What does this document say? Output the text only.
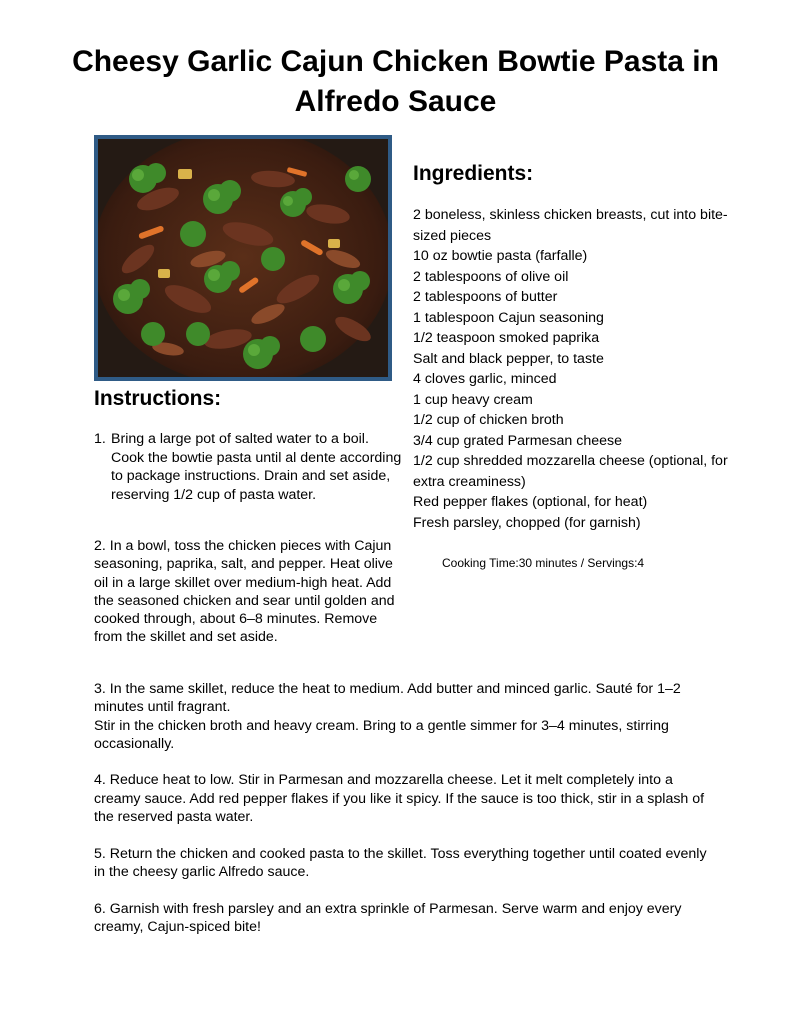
Cheesy Garlic Cajun Chicken Bowtie Pasta in Alfredo Sauce
Ingredients:
2 boneless, skinless chicken breasts, cut into bite-sized pieces
10 oz bowtie pasta (farfalle)
2 tablespoons of olive oil
2 tablespoons of butter
1 tablespoon Cajun seasoning
1/2 teaspoon smoked paprika
Salt and black pepper, to taste
4 cloves garlic, minced
1 cup heavy cream
1/2 cup of chicken broth
3/4 cup grated Parmesan cheese
1/2 cup shredded mozzarella cheese (optional, for extra creaminess)
Red pepper flakes (optional, for heat)
Fresh parsley, chopped (for garnish)
Cooking Time:30 minutes / Servings:4
Instructions:
1. Bring a large pot of salted water to a boil. Cook the bowtie pasta until al dente according to package instructions. Drain and set aside, reserving 1/2 cup of pasta water.

2. In a bowl, toss the chicken pieces with Cajun seasoning, paprika, salt, and pepper. Heat olive oil in a large skillet over medium-high heat. Add the seasoned chicken and sear until golden and cooked through, about 6–8 minutes. Remove from the skillet and set aside.

3. In the same skillet, reduce the heat to medium. Add butter and minced garlic. Sauté for 1–2 minutes until fragrant.
Stir in the chicken broth and heavy cream. Bring to a gentle simmer for 3–4 minutes, stirring occasionally.

4. Reduce heat to low. Stir in Parmesan and mozzarella cheese. Let it melt completely into a creamy sauce. Add red pepper flakes if you like it spicy. If the sauce is too thick, stir in a splash of the reserved pasta water.

5. Return the chicken and cooked pasta to the skillet. Toss everything together until coated evenly in the cheesy garlic Alfredo sauce.

6. Garnish with fresh parsley and an extra sprinkle of Parmesan. Serve warm and enjoy every creamy, Cajun-spiced bite!
